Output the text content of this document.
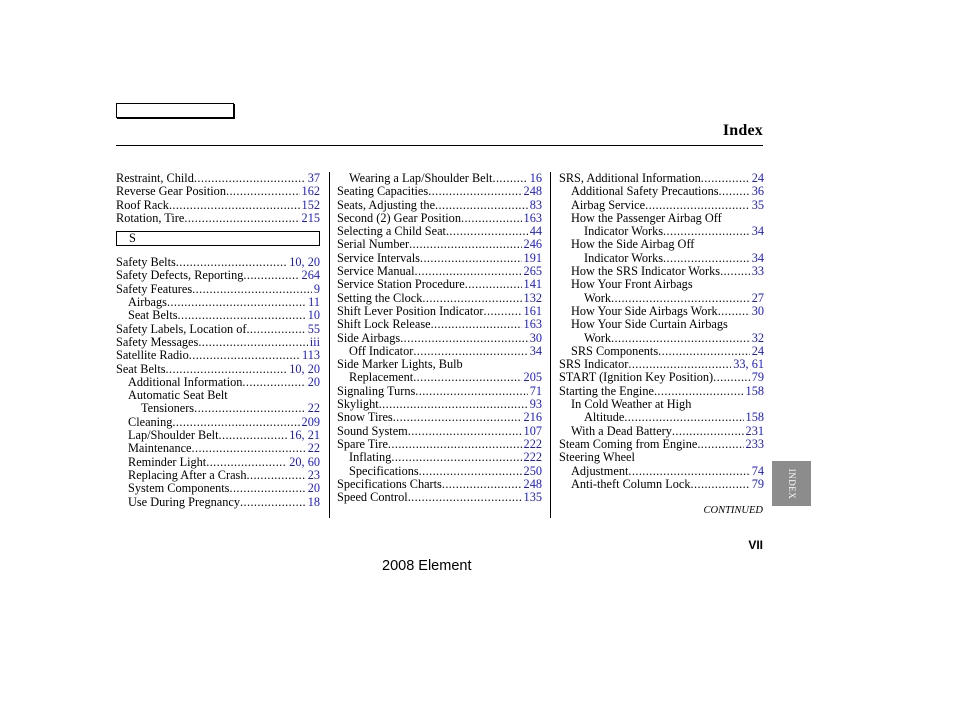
Index
Restraint, Child .....	37
Reverse Gear Position .....	162
Roof Rack .....	152
Rotation, Tire .....	215
S
Safety Belts .....	10, 20
Safety Defects, Reporting .....	264
Safety Features .....	9
Airbags .....	11
Seat Belts .....	10
Safety Labels, Location of .....	55
Safety Messages .....	iii
Satellite Radio .....	113
Seat Belts .....	10, 20
Additional Information .....	20
Automatic Seat Belt
Tensioners .....	22
Cleaning .....	209
Lap/Shoulder Belt .....	16, 21
Maintenance .....	22
Reminder Light .....	20, 60
Replacing After a Crash .....	23
System Components .....	20
Use During Pregnancy .....	18
Wearing a Lap/Shoulder Belt .....	16
Seating Capacities .....	248
Seats, Adjusting the .....	83
Second (2) Gear Position .....	163
Selecting a Child Seat .....	44
Serial Number .....	246
Service Intervals .....	191
Service Manual .....	265
Service Station Procedure .....	141
Setting the Clock .....	132
Shift Lever Position Indicator .....	161
Shift Lock Release .....	163
Side Airbags .....	30
Off Indicator .....	34
Side Marker Lights, Bulb
Replacement .....	205
Signaling Turns .....	71
Skylight .....	93
Snow Tires .....	216
Sound System .....	107
Spare Tire .....	222
Inflating .....	222
Specifications .....	250
Specifications Charts .....	248
Speed Control .....	135
SRS, Additional Information .....	24
Additional Safety Precautions .....	36
Airbag Service .....	35
How the Passenger Airbag Off
Indicator Works .....	34
How the Side Airbag Off
Indicator Works .....	34
How the SRS Indicator Works .....	33
How Your Front Airbags
Work .....	27
How Your Side Airbags Work .....	30
How Your Side Curtain Airbags
Work .....	32
SRS Components .....	24
SRS Indicator .....	33, 61
START (Ignition Key Position) .....	79
Starting the Engine .....	158
In Cold Weather at High
Altitude .....	158
With a Dead Battery .....	231
Steam Coming from Engine .....	233
Steering Wheel
Adjustment .....	74
Anti-theft Column Lock .....	79
CONTINUED
VII
2008 Element
INDEX
